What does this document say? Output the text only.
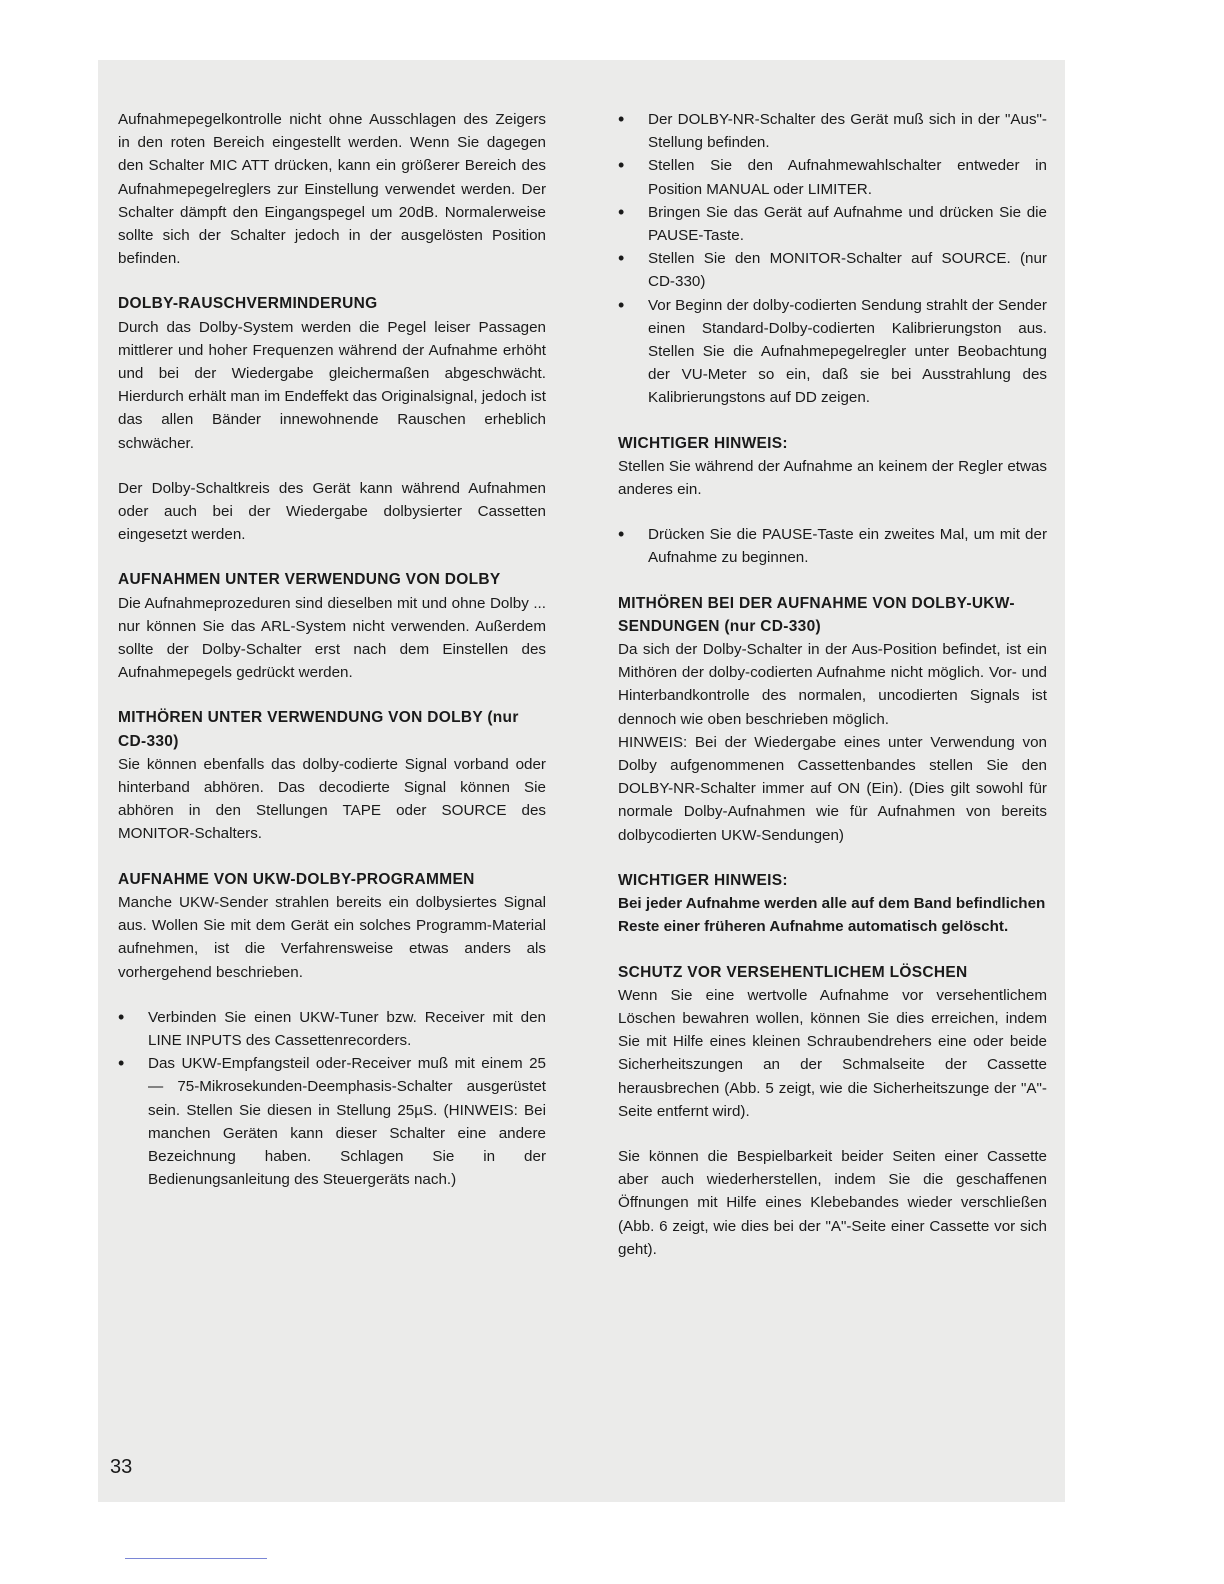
Aufnahmepegelkontrolle nicht ohne Ausschlagen des Zeigers in den roten Bereich eingestellt werden. Wenn Sie dagegen den Schalter MIC ATT drücken, kann ein größerer Bereich des Aufnahmepegelreglers zur Einstellung verwendet werden. Der Schalter dämpft den Eingangspegel um 20dB. Normalerweise sollte sich der Schalter jedoch in der ausgelösten Position befinden.

DOLBY-RAUSCHVERMINDERUNG

Durch das Dolby-System werden die Pegel leiser Passagen mittlerer und hoher Frequenzen während der Aufnahme erhöht und bei der Wiedergabe gleichermaßen abgeschwächt. Hierdurch erhält man im Endeffekt das Originalsignal, jedoch ist das allen Bänder innewohnende Rauschen erheblich schwächer.

Der Dolby-Schaltkreis des Gerät kann während Aufnahmen oder auch bei der Wiedergabe dolbysierter Cassetten eingesetzt werden.

AUFNAHMEN UNTER VERWENDUNG VON DOLBY

Die Aufnahmeprozeduren sind dieselben mit und ohne Dolby ... nur können Sie das ARL-System nicht verwenden. Außerdem sollte der Dolby-Schalter erst nach dem Einstellen des Aufnahmepegels gedrückt werden.

MITHÖREN UNTER VERWENDUNG VON DOLBY (nur CD-330)

Sie können ebenfalls das dolby-codierte Signal vorband oder hinterband abhören. Das decodierte Signal können Sie abhören in den Stellungen TAPE oder SOURCE des MONITOR-Schalters.

AUFNAHME VON UKW-DOLBY-PROGRAMMEN

Manche UKW-Sender strahlen bereits ein dolbysiertes Signal aus. Wollen Sie mit dem Gerät ein solches Programm-Material aufnehmen, ist die Verfahrensweise etwas anders als vorhergehend beschrieben.

• Verbinden Sie einen UKW-Tuner bzw. Receiver mit den LINE INPUTS des Cassettenrecorders.
• Das UKW-Empfangsteil oder-Receiver muß mit einem 25 — 75-Mikrosekunden-Deemphasis-Schalter ausgerüstet sein. Stellen Sie diesen in Stellung 25µS. (HINWEIS: Bei manchen Geräten kann dieser Schalter eine andere Bezeichnung haben. Schlagen Sie in der Bedienungsanleitung des Steuergeräts nach.)
• Der DOLBY-NR-Schalter des Gerät muß sich in der "Aus"-Stellung befinden.
• Stellen Sie den Aufnahmewahlschalter entweder in Position MANUAL oder LIMITER.
• Bringen Sie das Gerät auf Aufnahme und drücken Sie die PAUSE-Taste.
• Stellen Sie den MONITOR-Schalter auf SOURCE. (nur CD-330)
• Vor Beginn der dolby-codierten Sendung strahlt der Sender einen Standard-Dolby-codierten Kalibrierungston aus. Stellen Sie die Aufnahmepegelregler unter Beobachtung der VU-Meter so ein, daß sie bei Ausstrahlung des Kalibrierungstons auf DD zeigen.
WICHTIGER HINWEIS:

Stellen Sie während der Aufnahme an keinem der Regler etwas anderes ein.

• Drücken Sie die PAUSE-Taste ein zweites Mal, um mit der Aufnahme zu beginnen.
MITHÖREN BEI DER AUFNAHME VON DOLBY-UKW-SENDUNGEN (nur CD-330)

Da sich der Dolby-Schalter in der Aus-Position befindet, ist ein Mithören der dolby-codierten Aufnahme nicht möglich. Vor- und Hinterbandkontrolle des normalen, uncodierten Signals ist dennoch wie oben beschrieben möglich.

HINWEIS: Bei der Wiedergabe eines unter Verwendung von Dolby aufgenommenen Cassettenbandes stellen Sie den DOLBY-NR-Schalter immer auf ON (Ein). (Dies gilt sowohl für normale Dolby-Aufnahmen wie für Aufnahmen von bereits dolbycodierten UKW-Sendungen)

WICHTIGER HINWEIS:

Bei jeder Aufnahme werden alle auf dem Band befindlichen Reste einer früheren Aufnahme automatisch gelöscht.

SCHUTZ VOR VERSEHENTLICHEM LÖSCHEN

Wenn Sie eine wertvolle Aufnahme vor versehentlichem Löschen bewahren wollen, können Sie dies erreichen, indem Sie mit Hilfe eines kleinen Schraubendrehers eine oder beide Sicherheitszungen an der Schmalseite der Cassette herausbrechen (Abb. 5 zeigt, wie die Sicherheitszunge der "A"-Seite entfernt wird).

Sie können die Bespielbarkeit beider Seiten einer Cassette aber auch wiederherstellen, indem Sie die geschaffenen Öffnungen mit Hilfe eines Klebebandes wieder verschließen (Abb. 6 zeigt, wie dies bei der "A"-Seite einer Cassette vor sich geht).

33
